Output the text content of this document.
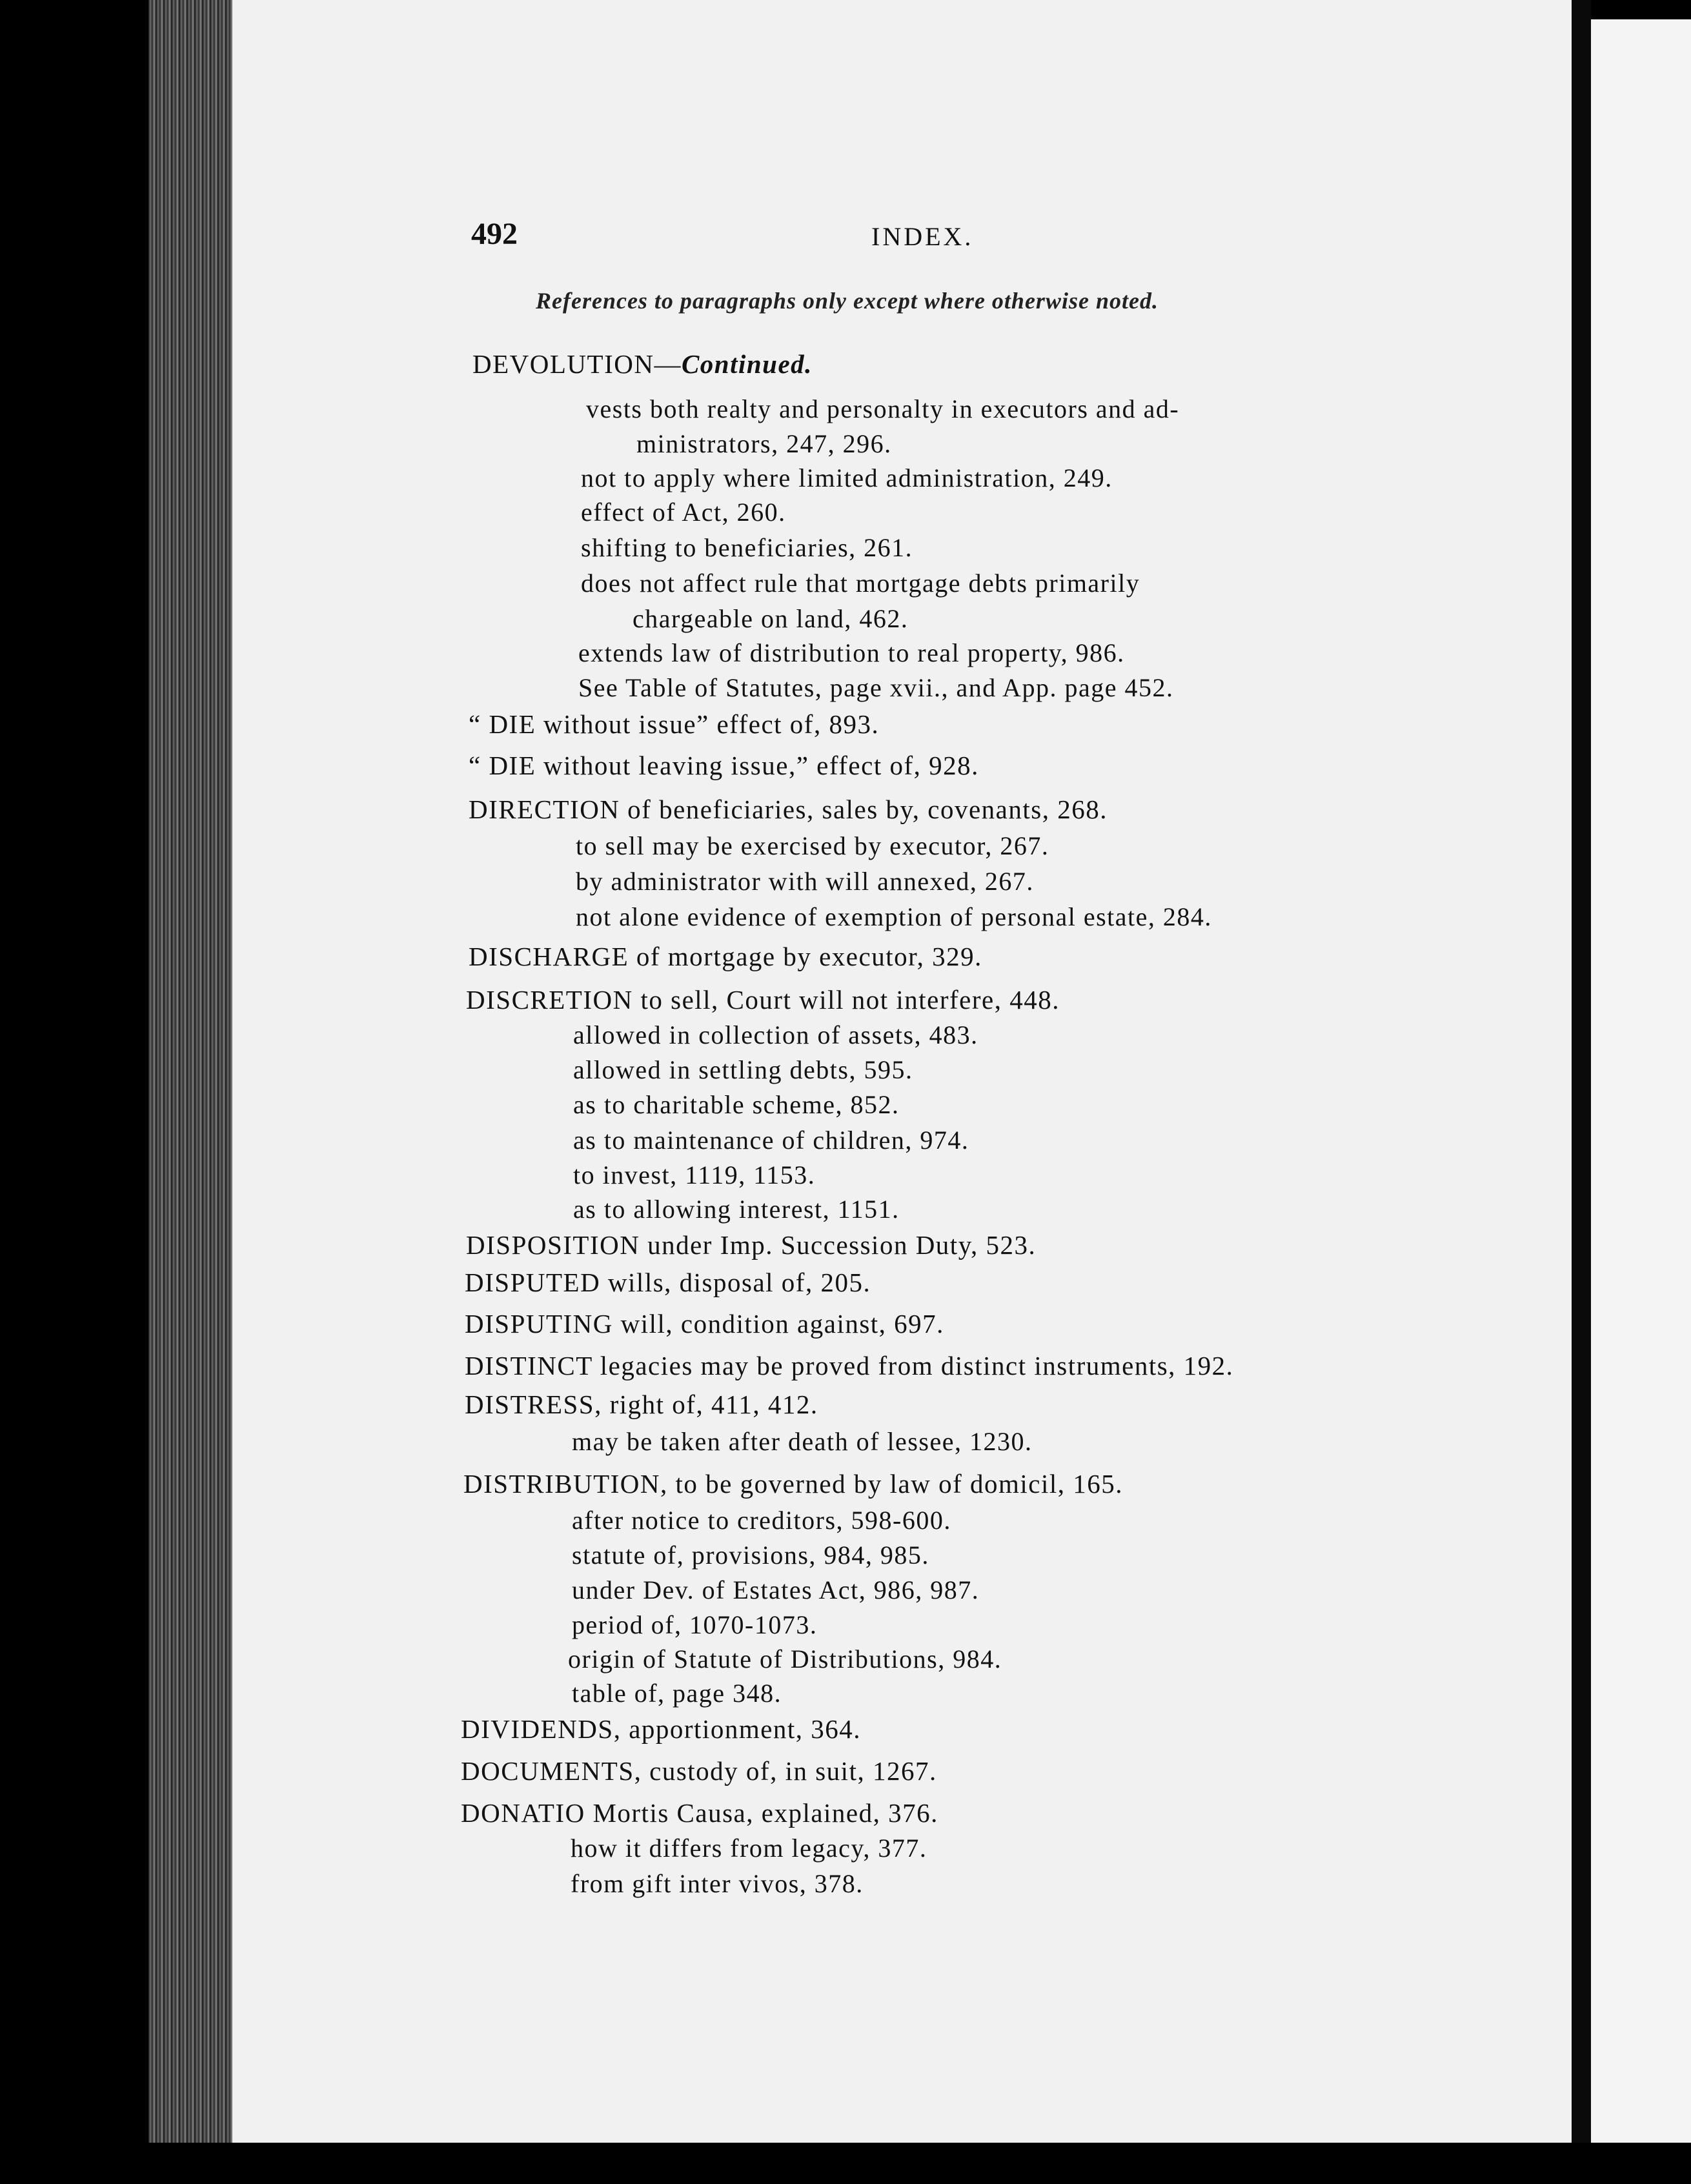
492	INDEX.
References to paragraphs only except where otherwise noted.
DEVOLUTION—Continued.
vests both realty and personalty in executors and ad-
ministrators, 247, 296.
not to apply where limited administration, 249.
effect of Act, 260.
shifting to beneficiaries, 261.
does not affect rule that mortgage debts primarily
chargeable on land, 462.
extends law of distribution to real property, 986.
See Table of Statutes, page xvii., and App. page 452.
“ DIE without issue” effect of, 893.
“ DIE without leaving issue,” effect of, 928.
DIRECTION of beneficiaries, sales by, covenants, 268.
to sell may be exercised by executor, 267.
by administrator with will annexed, 267.
not alone evidence of exemption of personal estate, 284.
DISCHARGE of mortgage by executor, 329.
DISCRETION to sell, Court will not interfere, 448.
allowed in collection of assets, 483.
allowed in settling debts, 595.
as to charitable scheme, 852.
as to maintenance of children, 974.
to invest, 1119, 1153.
as to allowing interest, 1151.
DISPOSITION under Imp. Succession Duty, 523.
DISPUTED wills, disposal of, 205.
DISPUTING will, condition against, 697.
DISTINCT legacies may be proved from distinct instruments, 192.
DISTRESS, right of, 411, 412.
may be taken after death of lessee, 1230.
DISTRIBUTION, to be governed by law of domicil, 165.
after notice to creditors, 598-600.
statute of, provisions, 984, 985.
under Dev. of Estates Act, 986, 987.
period of, 1070-1073.
origin of Statute of Distributions, 984.
table of, page 348.
DIVIDENDS, apportionment, 364.
DOCUMENTS, custody of, in suit, 1267.
DONATIO Mortis Causa, explained, 376.
how it differs from legacy, 377.
from gift inter vivos, 378.
